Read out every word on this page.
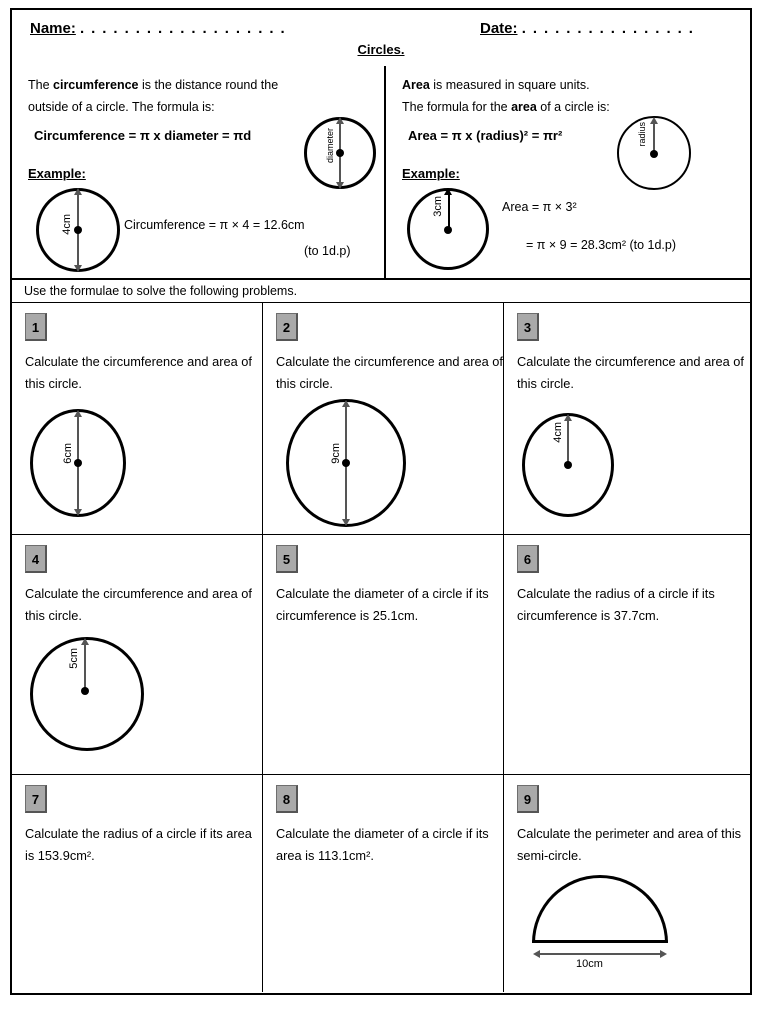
Name: . . . . . . . . . . . . . . . . . . .	Date: . . . . . . . . . . . . . . . .
Circles.
The circumference is the distance round the
outside of a circle. The formula is:
Circumference = π x diameter = πd	diameter
Example:
4cm	Circumference = π × 4 = 12.6cm
(to 1d.p)
Area is measured in square units.
The formula for the area of a circle is:
Area = π x (radius)² = πr²	radius
Example:
3cm	Area = π × 3²
= π × 9 = 28.3cm² (to 1d.p)
Use the formulae to solve the following problems.
1
Calculate the circumference and area of this circle.
6cm
2
Calculate the circumference and area of this circle.
9cm
3
Calculate the circumference and area of this circle.
4cm
4
Calculate the circumference and area of this circle.
5cm
5
Calculate the diameter of a circle if its circumference is 25.1cm.
6
Calculate the radius of a circle if its circumference is 37.7cm.
7
Calculate the radius of a circle if its area is 153.9cm².
8
Calculate the diameter of a circle if its area is 113.1cm².
9
Calculate the perimeter and area of this semi-circle.
10cm
